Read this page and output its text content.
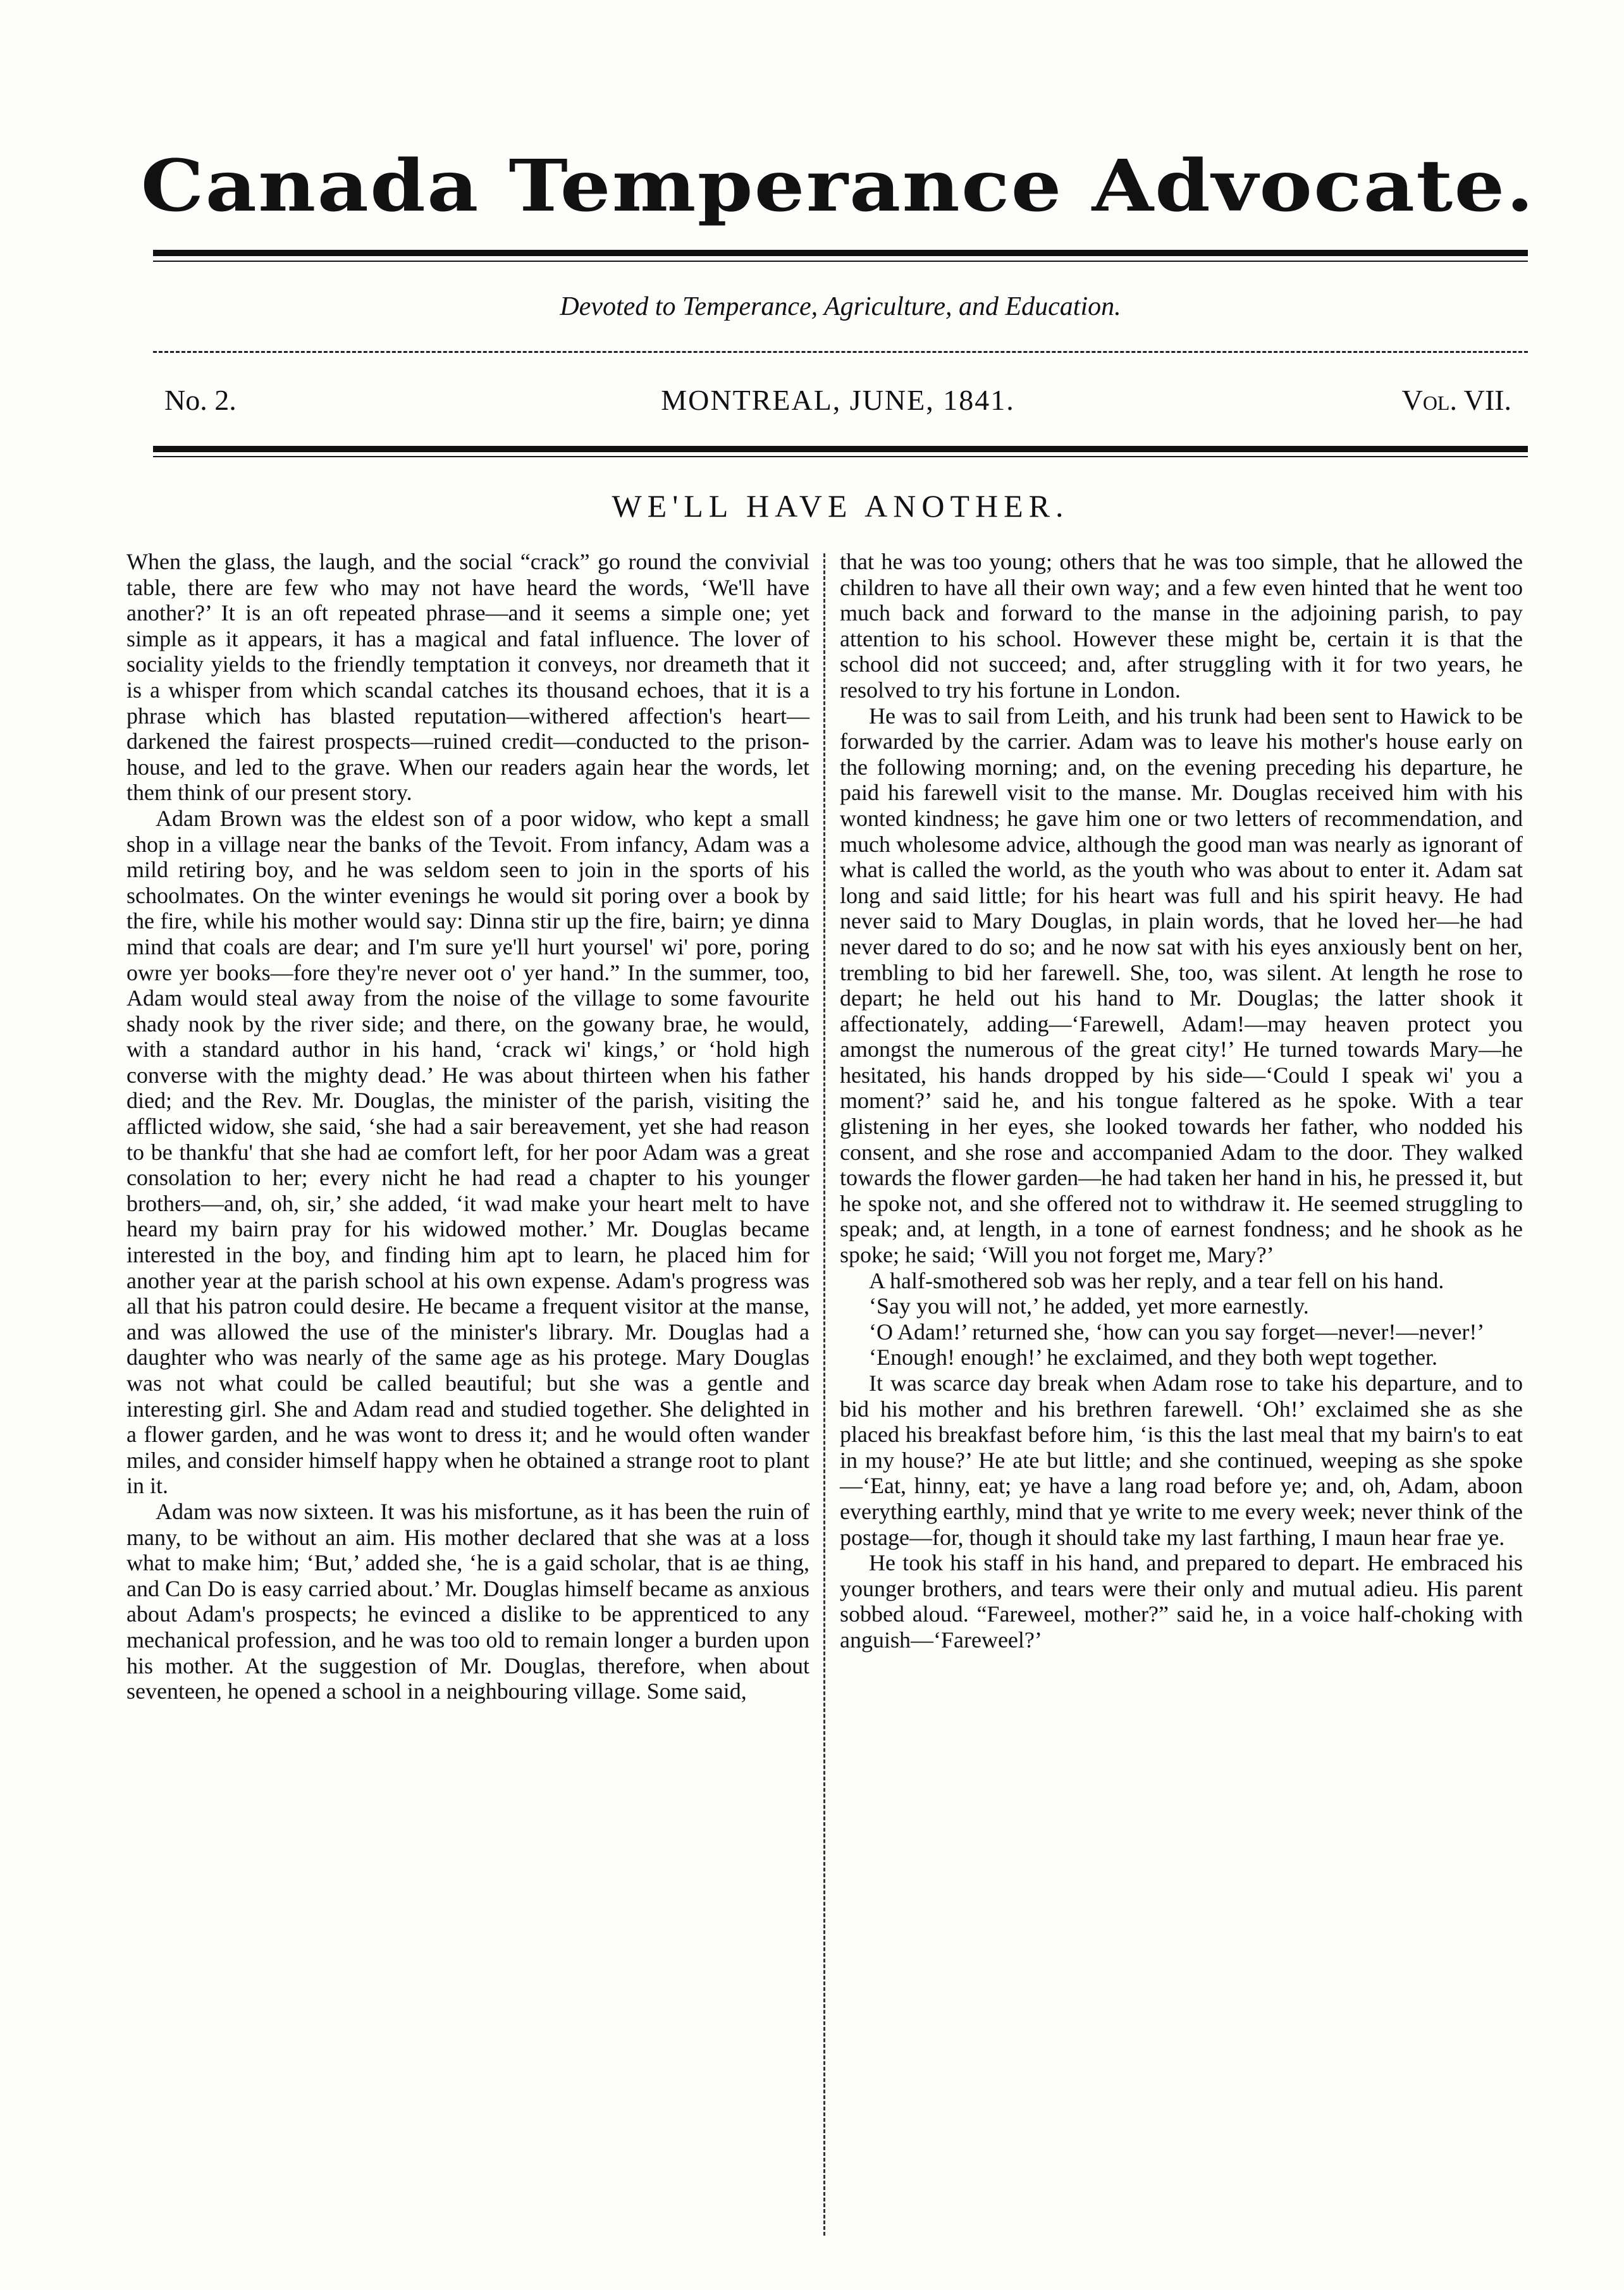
Canada Temperance Advocate.
Devoted to Temperance, Agriculture, and Education.
MONTREAL, JUNE, 1841.
No. 2.	Vol. VII.
WE'LL HAVE ANOTHER.

When the glass, the laugh, and the social “crack” go round the convivial table, there are few who may not have heard the words, ‘We'll have another?’ It is an oft repeated phrase—and it seems a simple one; yet simple as it appears, it has a magical and fatal influence. The lover of sociality yields to the friendly temptation it conveys, nor dreameth that it is a whisper from which scandal catches its thousand echoes, that it is a phrase which has blasted reputation—withered affection's heart—darkened the fairest prospects—ruined credit—conducted to the prison-house, and led to the grave. When our readers again hear the words, let them think of our present story.

Adam Brown was the eldest son of a poor widow, who kept a small shop in a village near the banks of the Tevoit. From infancy, Adam was a mild retiring boy, and he was seldom seen to join in the sports of his schoolmates. On the winter evenings he would sit poring over a book by the fire, while his mother would say: Dinna stir up the fire, bairn; ye dinna mind that coals are dear; and I'm sure ye'll hurt yoursel' wi' pore, poring owre yer books—fore they're never oot o' yer hand.” In the summer, too, Adam would steal away from the noise of the village to some favourite shady nook by the river side; and there, on the gowany brae, he would, with a standard author in his hand, ‘crack wi' kings,’ or ‘hold high converse with the mighty dead.’ He was about thirteen when his father died; and the Rev. Mr. Douglas, the minister of the parish, visiting the afflicted widow, she said, ‘she had a sair bereavement, yet she had reason to be thankfu' that she had ae comfort left, for her poor Adam was a great consolation to her; every nicht he had read a chapter to his younger brothers—and, oh, sir,’ she added, ‘it wad make your heart melt to have heard my bairn pray for his widowed mother.’ Mr. Douglas became interested in the boy, and finding him apt to learn, he placed him for another year at the parish school at his own expense. Adam's progress was all that his patron could desire. He became a frequent visitor at the manse, and was allowed the use of the minister's library. Mr. Douglas had a daughter who was nearly of the same age as his protege. Mary Douglas was not what could be called beautiful; but she was a gentle and interesting girl. She and Adam read and studied together. She delighted in a flower garden, and he was wont to dress it; and he would often wander miles, and consider himself happy when he obtained a strange root to plant in it.

Adam was now sixteen. It was his misfortune, as it has been the ruin of many, to be without an aim. His mother declared that she was at a loss what to make him; ‘But,’ added she, ‘he is a gaid scholar, that is ae thing, and Can Do is easy carried about.’ Mr. Douglas himself became as anxious about Adam's prospects; he evinced a dislike to be apprenticed to any mechanical profession, and he was too old to remain longer a burden upon his mother. At the suggestion of Mr. Douglas, therefore, when about seventeen, he opened a school in a neighbouring village. Some said,

that he was too young; others that he was too simple, that he allowed the children to have all their own way; and a few even hinted that he went too much back and forward to the manse in the adjoining parish, to pay attention to his school. However these might be, certain it is that the school did not succeed; and, after struggling with it for two years, he resolved to try his fortune in London.

He was to sail from Leith, and his trunk had been sent to Hawick to be forwarded by the carrier. Adam was to leave his mother's house early on the following morning; and, on the evening preceding his departure, he paid his farewell visit to the manse. Mr. Douglas received him with his wonted kindness; he gave him one or two letters of recommendation, and much wholesome advice, although the good man was nearly as ignorant of what is called the world, as the youth who was about to enter it. Adam sat long and said little; for his heart was full and his spirit heavy. He had never said to Mary Douglas, in plain words, that he loved her—he had never dared to do so; and he now sat with his eyes anxiously bent on her, trembling to bid her farewell. She, too, was silent. At length he rose to depart; he held out his hand to Mr. Douglas; the latter shook it affectionately, adding—‘Farewell, Adam!—may heaven protect you amongst the numerous of the great city!’ He turned towards Mary—he hesitated, his hands dropped by his side—‘Could I speak wi' you a moment?’ said he, and his tongue faltered as he spoke. With a tear glistening in her eyes, she looked towards her father, who nodded his consent, and she rose and accompanied Adam to the door. They walked towards the flower garden—he had taken her hand in his, he pressed it, but he spoke not, and she offered not to withdraw it. He seemed struggling to speak; and, at length, in a tone of earnest fondness; and he shook as he spoke; he said; ‘Will you not forget me, Mary?’

A half-smothered sob was her reply, and a tear fell on his hand.

‘Say you will not,’ he added, yet more earnestly.

‘O Adam!’ returned she, ‘how can you say forget—never!—never!’

‘Enough! enough!’ he exclaimed, and they both wept together.

It was scarce day break when Adam rose to take his departure, and to bid his mother and his brethren farewell. ‘Oh!’ exclaimed she as she placed his breakfast before him, ‘is this the last meal that my bairn's to eat in my house?’ He ate but little; and she continued, weeping as she spoke—‘Eat, hinny, eat; ye have a lang road before ye; and, oh, Adam, aboon everything earthly, mind that ye write to me every week; never think of the postage—for, though it should take my last farthing, I maun hear frae ye.

He took his staff in his hand, and prepared to depart. He embraced his younger brothers, and tears were their only and mutual adieu. His parent sobbed aloud. “Fareweel, mother?” said he, in a voice half-choking with anguish—‘Fareweel?’
